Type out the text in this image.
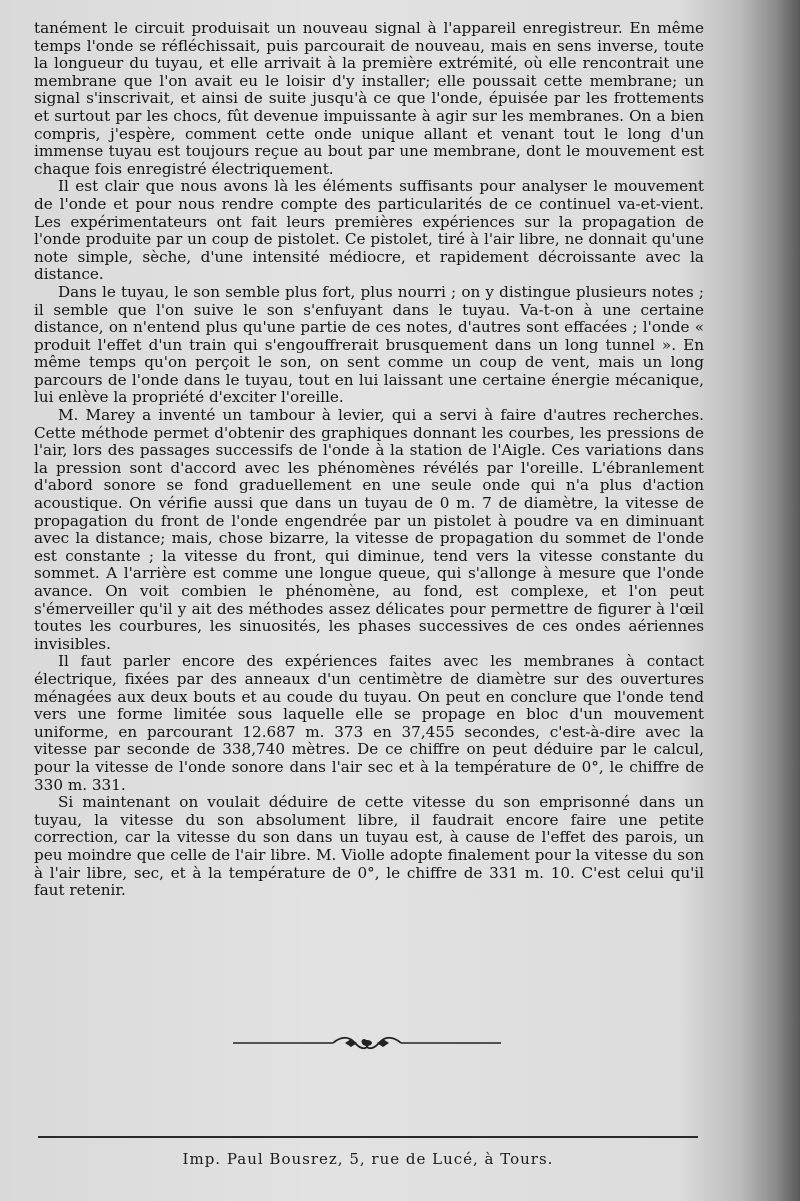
tanément le circuit produisait un nouveau signal à l'appareil enregistreur. En même temps l'onde se réfléchissait, puis parcourait de nouveau, mais en sens inverse, toute la longueur du tuyau, et elle arrivait à la première extrémité, où elle rencontrait une membrane que l'on avait eu le loisir d'y installer; elle poussait cette membrane; un signal s'inscrivait, et ainsi de suite jusqu'à ce que l'onde, épuisée par les frottements et surtout par les chocs, fût devenue impuissante à agir sur les membranes. On a bien compris, j'espère, comment cette onde unique allant et venant tout le long d'un immense tuyau est toujours reçue au bout par une membrane, dont le mouvement est chaque fois enregistré électriquement.

Il est clair que nous avons là les éléments suffisants pour analyser le mouvement de l'onde et pour nous rendre compte des particularités de ce continuel va-et-vient. Les expérimentateurs ont fait leurs premières expériences sur la propagation de l'onde produite par un coup de pistolet. Ce pistolet, tiré à l'air libre, ne donnait qu'une note simple, sèche, d'une intensité médiocre, et rapidement décroissante avec la distance.

Dans le tuyau, le son semble plus fort, plus nourri ; on y distingue plusieurs notes ; il semble que l'on suive le son s'enfuyant dans le tuyau. Va-t-on à une certaine distance, on n'entend plus qu'une partie de ces notes, d'autres sont effacées ; l'onde « produit l'effet d'un train qui s'engouffrerait brusquement dans un long tunnel ». En même temps qu'on perçoit le son, on sent comme un coup de vent, mais un long parcours de l'onde dans le tuyau, tout en lui laissant une certaine énergie mécanique, lui enlève la propriété d'exciter l'oreille.

M. Marey a inventé un tambour à levier, qui a servi à faire d'autres recherches. Cette méthode permet d'obtenir des graphiques donnant les courbes, les pressions de l'air, lors des passages successifs de l'onde à la station de l'Aigle. Ces variations dans la pression sont d'accord avec les phénomènes révélés par l'oreille. L'ébranlement d'abord sonore se fond graduellement en une seule onde qui n'a plus d'action acoustique. On vérifie aussi que dans un tuyau de 0 m. 7 de diamètre, la vitesse de propagation du front de l'onde engendrée par un pistolet à poudre va en diminuant avec la distance; mais, chose bizarre, la vitesse de propagation du sommet de l'onde est constante ; la vitesse du front, qui diminue, tend vers la vitesse constante du sommet. A l'arrière est comme une longue queue, qui s'allonge à mesure que l'onde avance. On voit combien le phénomène, au fond, est complexe, et l'on peut s'émerveiller qu'il y ait des méthodes assez délicates pour permettre de figurer à l'œil toutes les courbures, les sinuosités, les phases successives de ces ondes aériennes invisibles.

Il faut parler encore des expériences faites avec les membranes à contact électrique, fixées par des anneaux d'un centimètre de diamètre sur des ouvertures ménagées aux deux bouts et au coude du tuyau. On peut en conclure que l'onde tend vers une forme limitée sous laquelle elle se propage en bloc d'un mouvement uniforme, en parcourant 12.687 m. 373 en 37,455 secondes, c'est-à-dire avec la vitesse par seconde de 338,740 mètres. De ce chiffre on peut déduire par le calcul, pour la vitesse de l'onde sonore dans l'air sec et à la température de 0°, le chiffre de 330 m. 331.

Si maintenant on voulait déduire de cette vitesse du son emprisonné dans un tuyau, la vitesse du son absolument libre, il faudrait encore faire une petite correction, car la vitesse du son dans un tuyau est, à cause de l'effet des parois, un peu moindre que celle de l'air libre. M. Violle adopte finalement pour la vitesse du son à l'air libre, sec, et à la température de 0°, le chiffre de 331 m. 10. C'est celui qu'il faut retenir.

Imp. Paul Bousrez, 5, rue de Lucé, à Tours.
